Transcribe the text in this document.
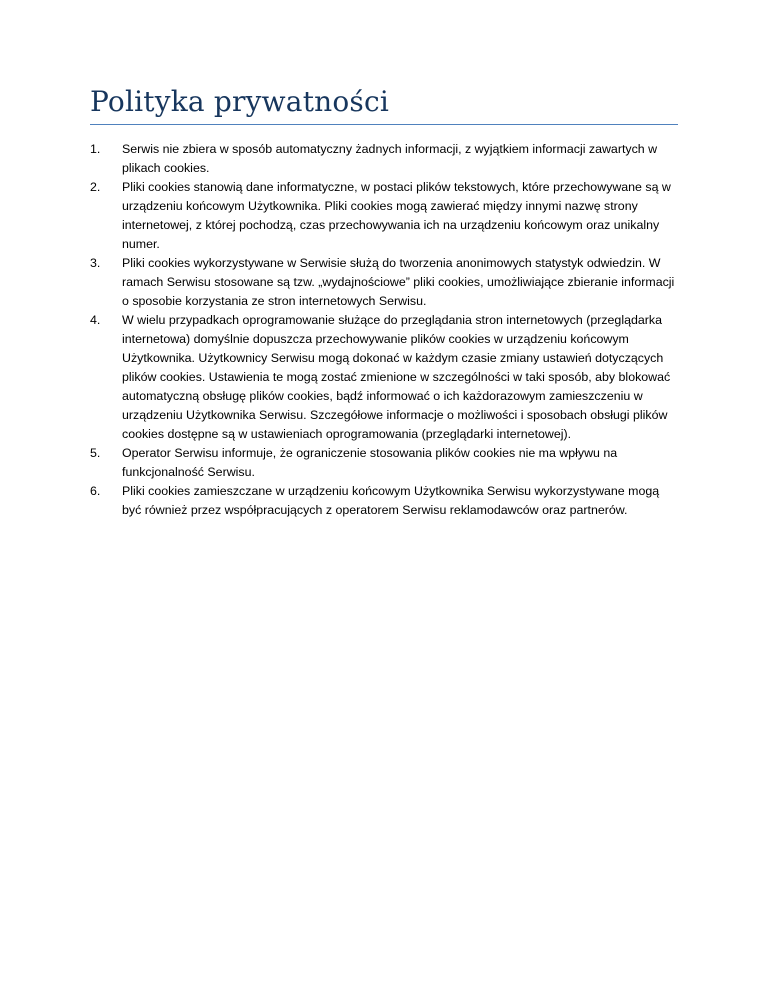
Polityka prywatności
1.	Serwis nie zbiera w sposób automatyczny żadnych informacji, z wyjątkiem informacji zawartych w plikach cookies.
2.	Pliki cookies stanowią dane informatyczne, w postaci plików tekstowych, które przechowywane są w urządzeniu końcowym Użytkownika. Pliki cookies mogą zawierać między innymi nazwę strony internetowej, z której pochodzą, czas przechowywania ich na urządzeniu końcowym oraz unikalny numer.
3.	Pliki cookies wykorzystywane w Serwisie służą do tworzenia anonimowych statystyk odwiedzin. W ramach Serwisu stosowane są tzw. „wydajnościowe” pliki cookies, umożliwiające zbieranie informacji o sposobie korzystania ze stron internetowych Serwisu.
4.	W wielu przypadkach oprogramowanie służące do przeglądania stron internetowych (przeglądarka internetowa) domyślnie dopuszcza przechowywanie plików cookies w urządzeniu końcowym Użytkownika. Użytkownicy Serwisu mogą dokonać w każdym czasie zmiany ustawień dotyczących plików cookies. Ustawienia te mogą zostać zmienione w szczególności w taki sposób, aby blokować automatyczną obsługę plików cookies, bądź informować o ich każdorazowym zamieszczeniu w urządzeniu Użytkownika Serwisu. Szczegółowe informacje o możliwości i sposobach obsługi plików cookies dostępne są w ustawieniach oprogramowania (przeglądarki internetowej).
5.	Operator Serwisu informuje, że ograniczenie stosowania plików cookies nie ma wpływu na funkcjonalność Serwisu.
6.	Pliki cookies zamieszczane w urządzeniu końcowym Użytkownika Serwisu wykorzystywane mogą być również przez współpracujących z operatorem Serwisu reklamodawców oraz partnerów.
